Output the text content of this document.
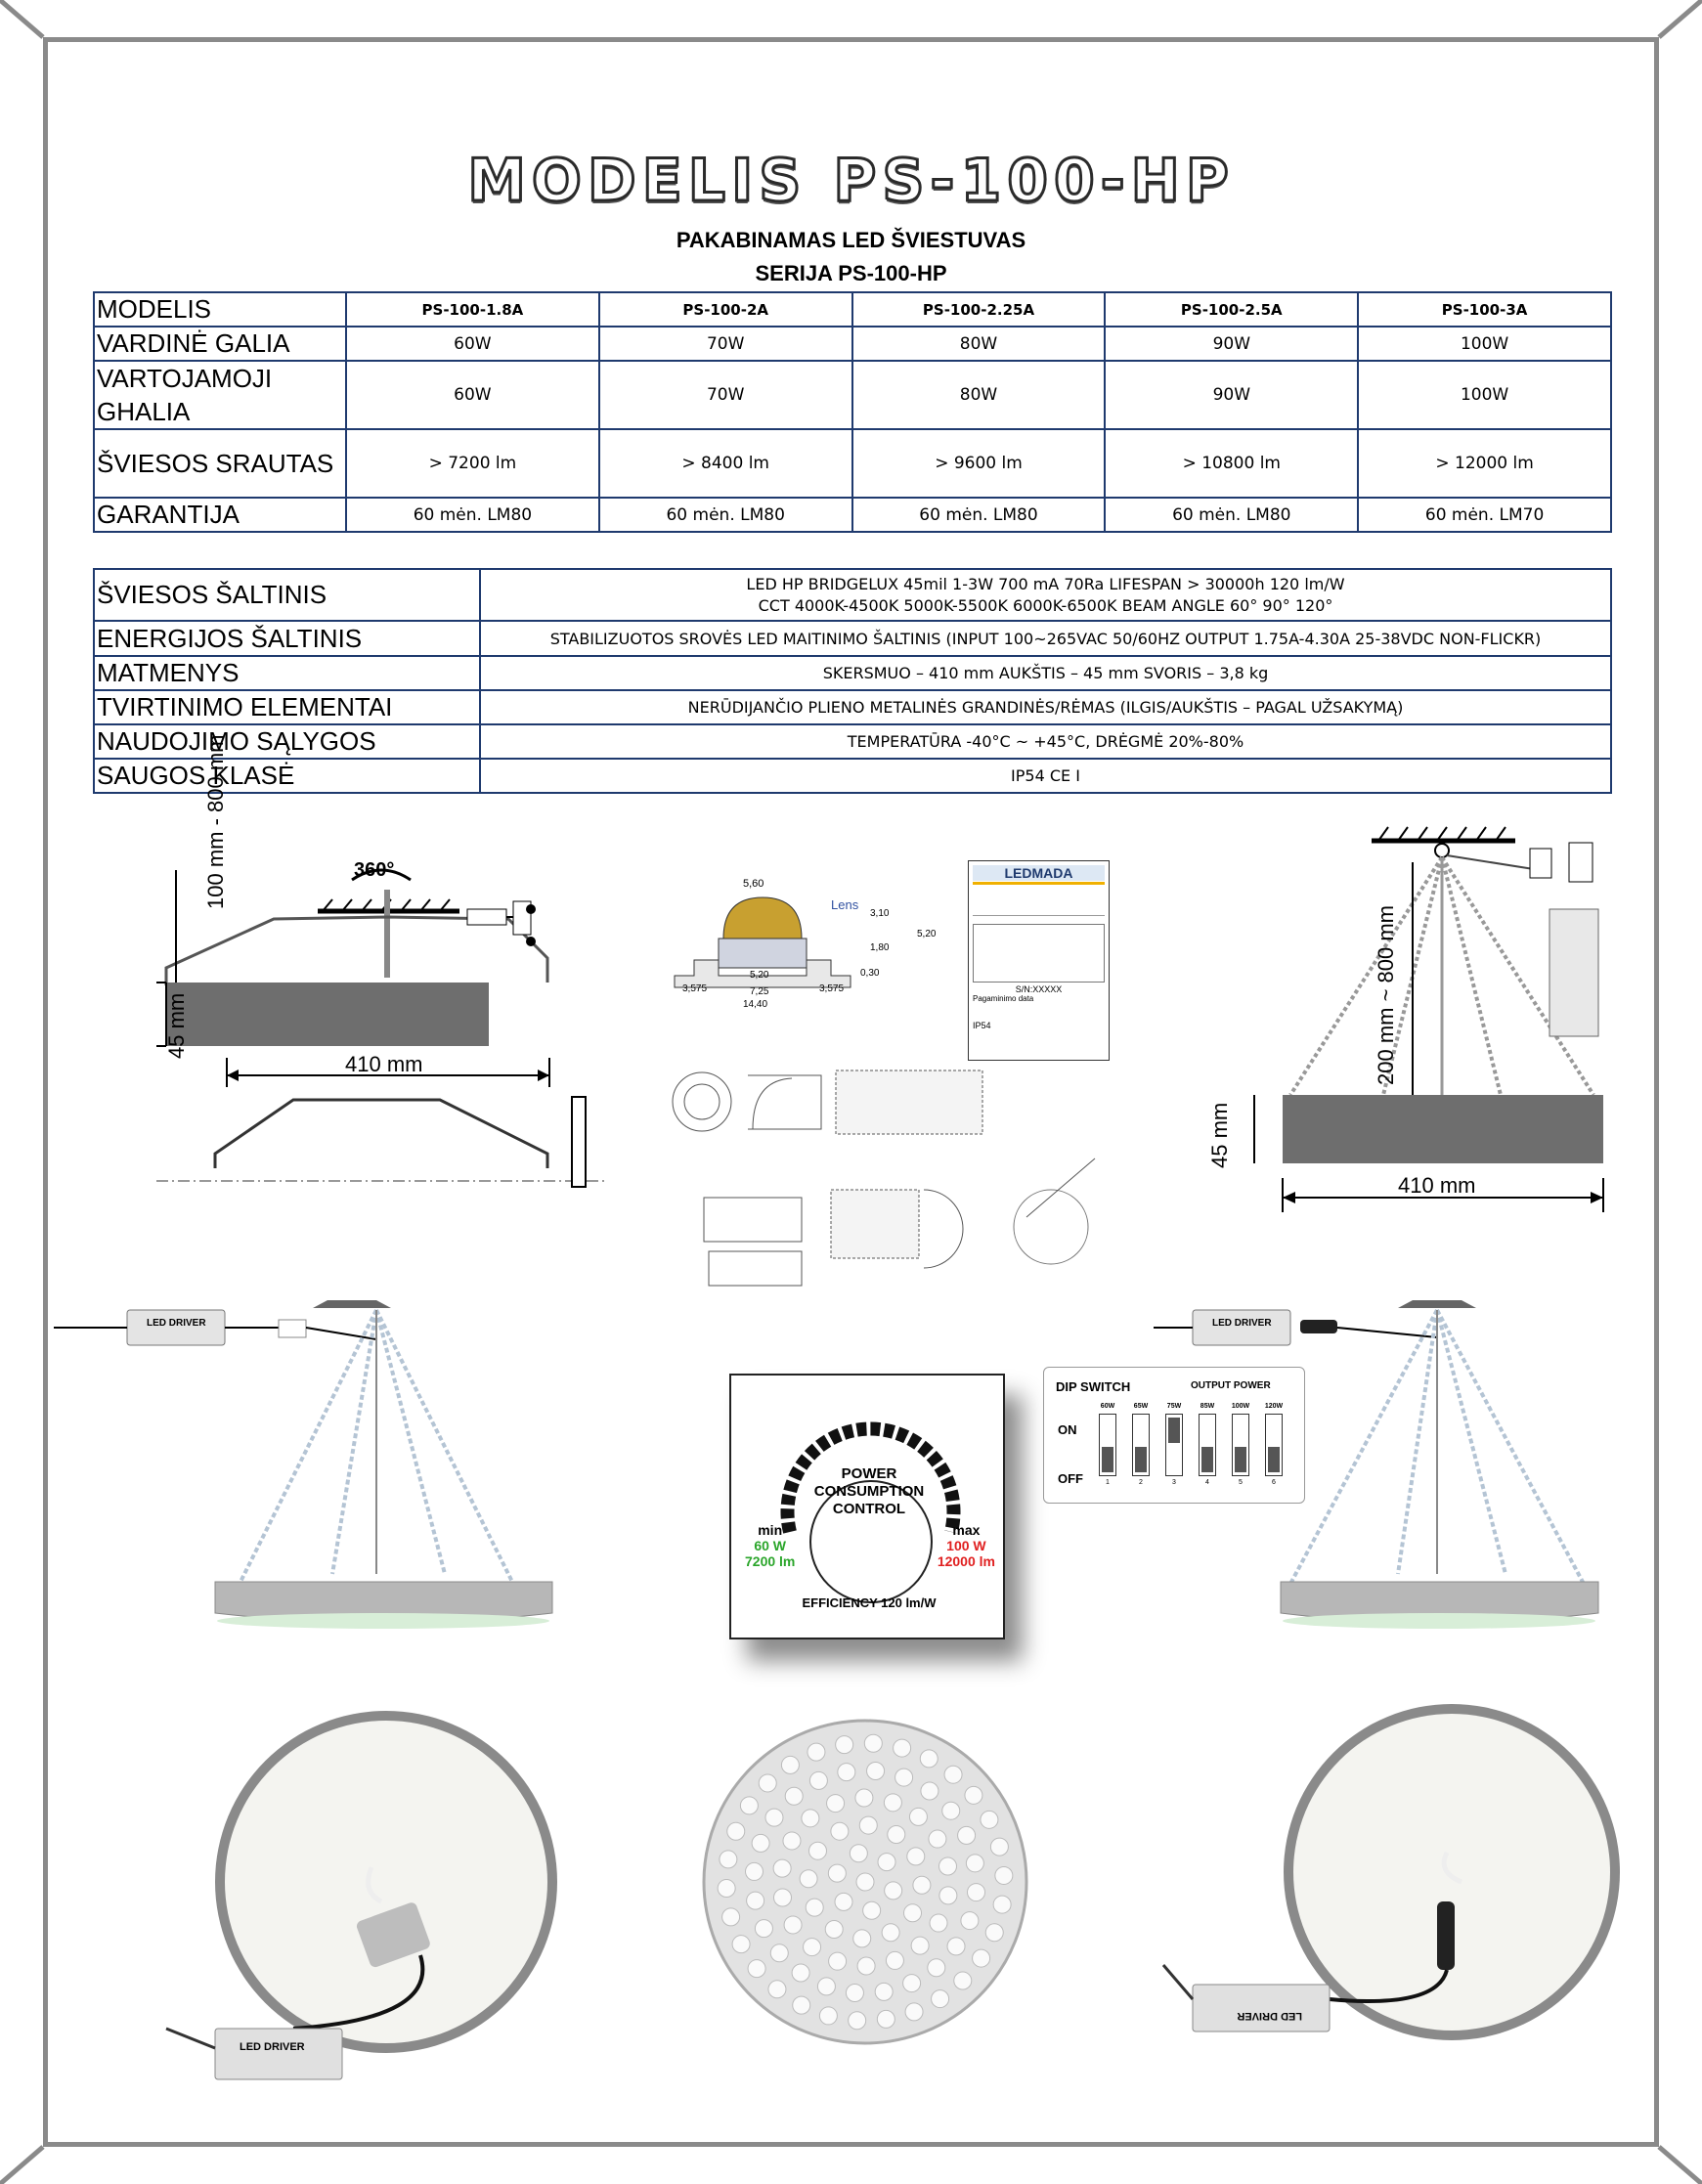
MODELIS PS-100-HP
PAKABINAMAS LED ŠVIESTUVAS
SERIJA PS-100-HP
MODELIS	PS-100-1.8A	PS-100-2A	PS-100-2.25A	PS-100-2.5A	PS-100-3A
VARDINĖ GALIA	60W	70W	80W	90W	100W
VARTOJAMOJI GHALIA	60W	70W	80W	90W	100W
ŠVIESOS SRAUTAS	> 7200 lm	> 8400 lm	> 9600 lm	> 10800 lm	> 12000 lm
GARANTIJA	60 mėn. LM80	60 mėn. LM80	60 mėn. LM80	60 mėn. LM80	60 mėn. LM70
ŠVIESOS ŠALTINIS	LED HP BRIDGELUX 45mil 1-3W 700 mA 70Ra LIFESPAN > 30000h 120 lm/W
CCT 4000K-4500K 5000K-5500K 6000K-6500K BEAM ANGLE 60° 90° 120°

ENERGIJOS ŠALTINIS	STABILIZUOTOS SROVĖS LED MAITINIMO ŠALTINIS (INPUT 100~265VAC 50/60HZ OUTPUT 1.75A-4.30A 25-38VDC NON-FLICKR)
MATMENYS	SKERSMUO – 410 mm AUKŠTIS – 45 mm SVORIS – 3,8 kg
TVIRTINIMO ELEMENTAI	NERŪDIJANČIO PLIENO METALINĖS GRANDINĖS/RĖMAS (ILGIS/AUKŠTIS – PAGAL UŽSAKYMĄ)
NAUDOJIMO SĄLYGOS	TEMPERATŪRA -40°C ~ +45°C, DRĖGMĖ 20%-80%
SAUGOS KLASĖ	IP54 CE I
100 mm - 800 mm	360°
45 mm
410 mm
5,60
Lens
3,10
5,20
1,80
0,30
3,575
5,20
7,25	3,575
14,40
LEDMADA
S/N:XXXXX
Pagaminimo data
IP54	200 mm ~ 800 mm
45 mm
410 mm
LED DRIVER
POWER
CONSUMPTION
CONTROL
min
60 W
7200 lm
max
100 W
12000 lm
EFFICIENCY 120 lm/W
DIP SWITCH	OUTPUT POWER
ON
OFF
60W
1
65W
2
75W
3
85W
4
100W
5
120W
6
LED DRIVER
LED DRIVER
LED DRIVER
